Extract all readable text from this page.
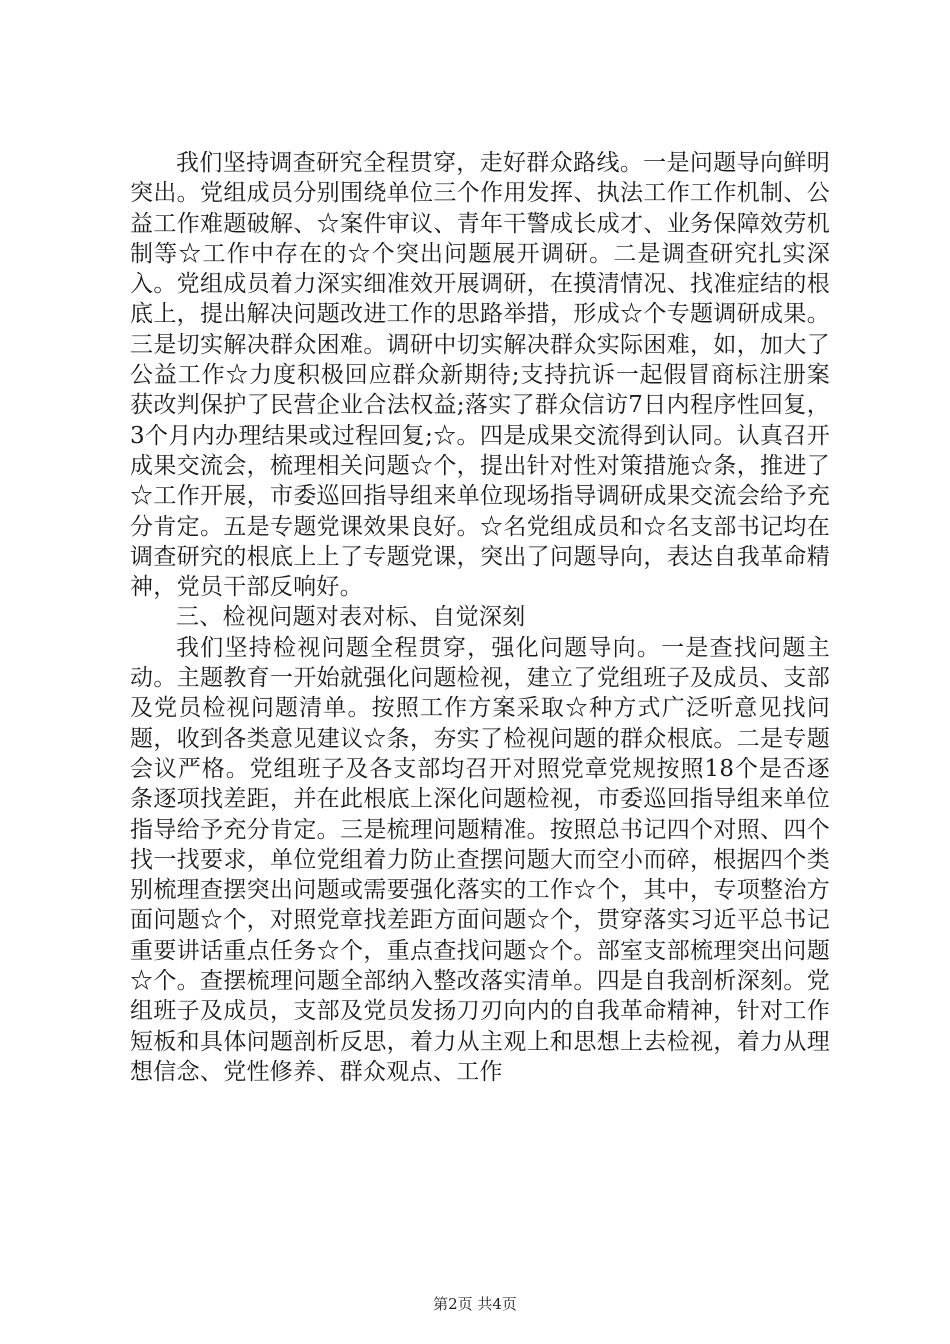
我们坚持调查研究全程贯穿，走好群众路线。一是问题导向鲜明突出。党组成员分别围绕单位三个作用发挥、执法工作工作机制、公益工作难题破解、☆案件审议、青年干警成长成才、业务保障效劳机制等☆工作中存在的☆个突出问题展开调研。二是调查研究扎实深入。党组成员着力深实细准效开展调研，在摸清情况、找准症结的根底上，提出解决问题改进工作的思路举措，形成☆个专题调研成果。三是切实解决群众困难。调研中切实解决群众实际困难，如，加大了公益工作☆力度积极回应群众新期待;支持抗诉一起假冒商标注册案获改判保护了民营企业合法权益;落实了群众信访7日内程序性回复，3个月内办理结果或过程回复;☆。四是成果交流得到认同。认真召开成果交流会，梳理相关问题☆个，提出针对性对策措施☆条，推进了☆工作开展，市委巡回指导组来单位现场指导调研成果交流会给予充分肯定。五是专题党课效果良好。☆名党组成员和☆名支部书记均在调查研究的根底上上了专题党课，突出了问题导向，表达自我革命精神，党员干部反响好。

三、检视问题对表对标、自觉深刻

我们坚持检视问题全程贯穿，强化问题导向。一是查找问题主动。主题教育一开始就强化问题检视，建立了党组班子及成员、支部及党员检视问题清单。按照工作方案采取☆种方式广泛听意见找问题，收到各类意见建议☆条，夯实了检视问题的群众根底。二是专题会议严格。党组班子及各支部均召开对照党章党规按照18个是否逐条逐项找差距，并在此根底上深化问题检视，市委巡回指导组来单位指导给予充分肯定。三是梳理问题精准。按照总书记四个对照、四个找一找要求，单位党组着力防止查摆问题大而空小而碎，根据四个类别梳理查摆突出问题或需要强化落实的工作☆个，其中，专项整治方面问题☆个，对照党章找差距方面问题☆个，贯穿落实习近平总书记重要讲话重点任务☆个，重点查找问题☆个。部室支部梳理突出问题☆个。查摆梳理问题全部纳入整改落实清单。四是自我剖析深刻。党组班子及成员，支部及党员发扬刀刃向内的自我革命精神，针对工作短板和具体问题剖析反思，着力从主观上和思想上去检视，着力从理想信念、党性修养、群众观点、工作

第2页 共4页
